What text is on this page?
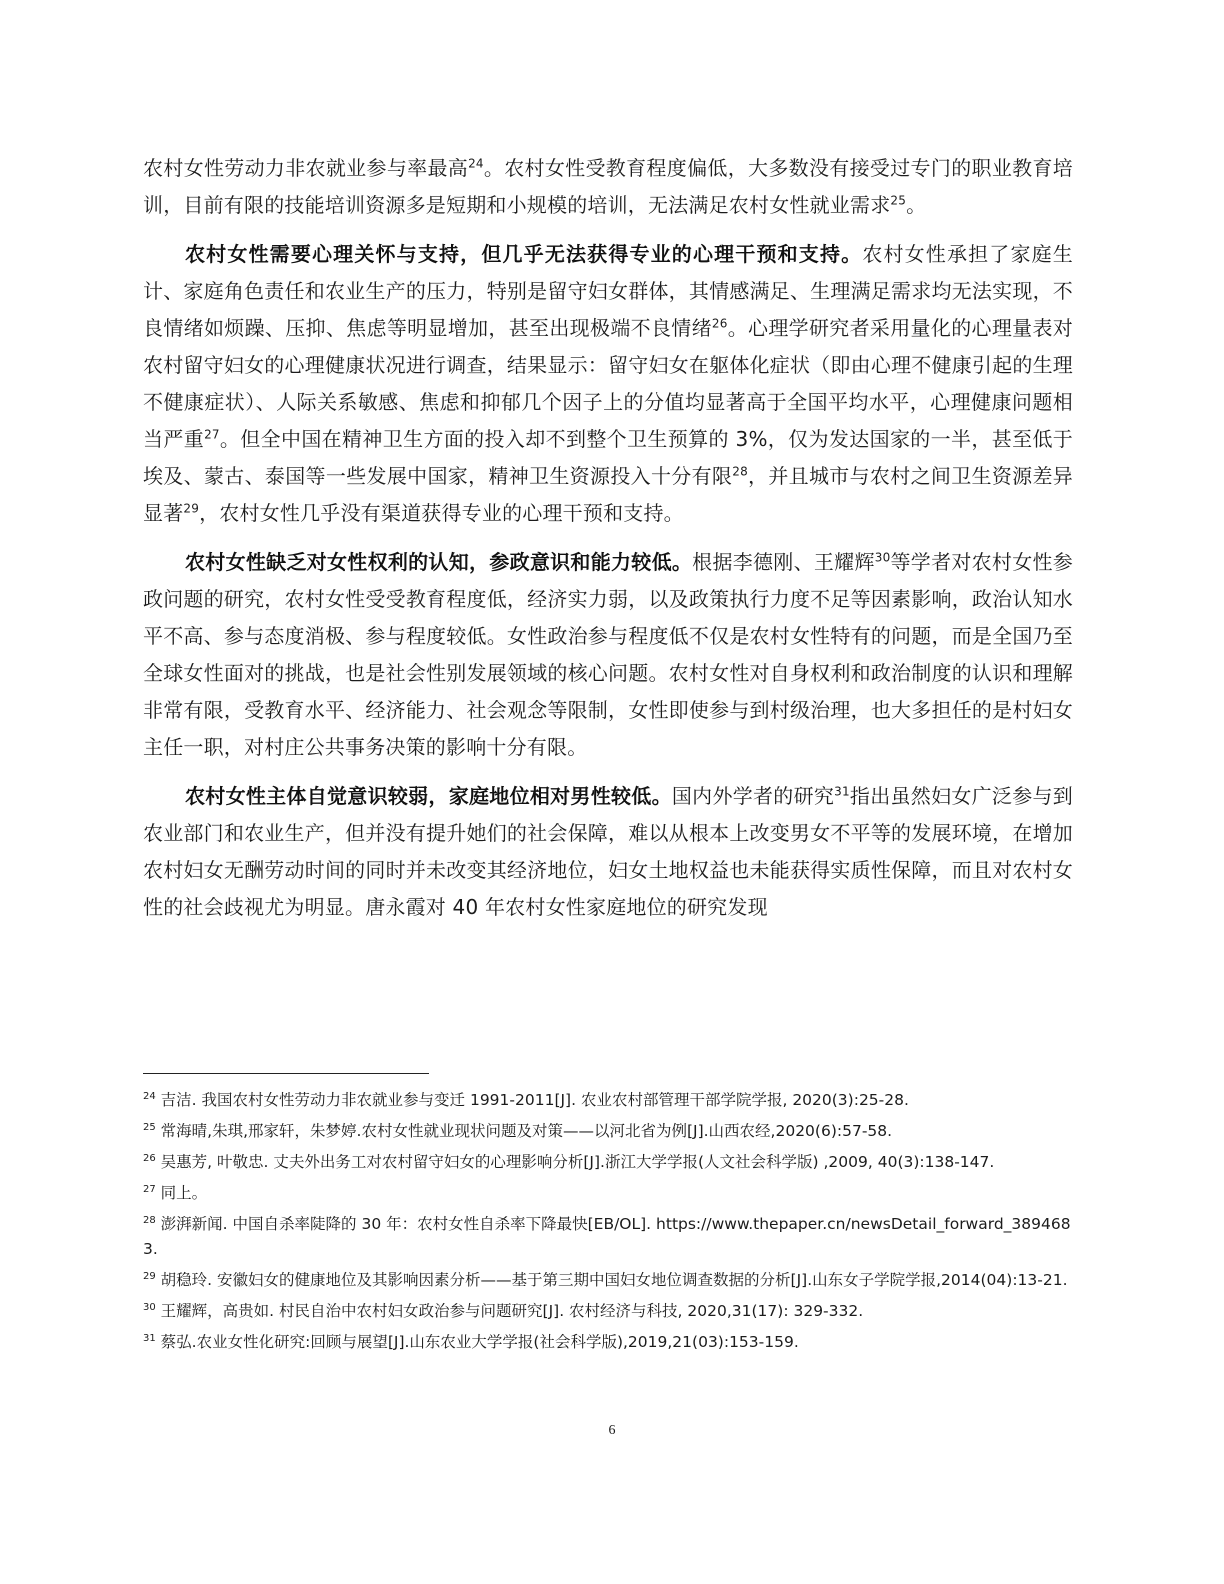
农村女性劳动力非农就业参与率最高$^{24}$。农村女性受教育程度偏低，大多数没有接受过专门的职业教育培训，目前有限的技能培训资源多是短期和小规模的培训，无法满足农村女性就业需求$^{25}$。

农村女性需要心理关怀与支持，但几乎无法获得专业的心理干预和支持。农村女性承担了家庭生计、家庭角色责任和农业生产的压力，特别是留守妇女群体，其情感满足、生理满足需求均无法实现，不良情绪如烦躁、压抑、焦虑等明显增加，甚至出现极端不良情绪$^{26}$。心理学研究者采用量化的心理量表对农村留守妇女的心理健康状况进行调查，结果显示：留守妇女在躯体化症状（即由心理不健康引起的生理不健康症状）、人际关系敏感、焦虑和抑郁几个因子上的分值均显著高于全国平均水平，心理健康问题相当严重$^{27}$。但全中国在精神卫生方面的投入却不到整个卫生预算的 3%，仅为发达国家的一半，甚至低于埃及、蒙古、泰国等一些发展中国家，精神卫生资源投入十分有限$^{28}$，并且城市与农村之间卫生资源差异显著$^{29}$，农村女性几乎没有渠道获得专业的心理干预和支持。

农村女性缺乏对女性权利的认知，参政意识和能力较低。根据李德刚、王耀辉$^{30}$等学者对农村女性参政问题的研究，农村女性受受教育程度低，经济实力弱，以及政策执行力度不足等因素影响，政治认知水平不高、参与态度消极、参与程度较低。女性政治参与程度低不仅是农村女性特有的问题，而是全国乃至全球女性面对的挑战，也是社会性别发展领域的核心问题。农村女性对自身权利和政治制度的认识和理解非常有限，受教育水平、经济能力、社会观念等限制，女性即使参与到村级治理，也大多担任的是村妇女主任一职，对村庄公共事务决策的影响十分有限。

农村女性主体自觉意识较弱，家庭地位相对男性较低。国内外学者的研究$^{31}$指出虽然妇女广泛参与到农业部门和农业生产，但并没有提升她们的社会保障，难以从根本上改变男女不平等的发展环境，在增加农村妇女无酬劳动时间的同时并未改变其经济地位，妇女土地权益也未能获得实质性保障，而且对农村女性的社会歧视尤为明显。唐永霞对 40 年农村女性家庭地位的研究发现

$^{24}$ 吉洁. 我国农村女性劳动力非农就业参与变迁 1991-2011[J]. 农业农村部管理干部学院学报, 2020(3):25-28.

$^{25}$ 常海晴,朱琪,邢家轩，朱梦婷.农村女性就业现状问题及对策——以河北省为例[J].山西农经,2020(6):57-58.

$^{26}$ 吴惠芳, 叶敬忠. 丈夫外出务工对农村留守妇女的心理影响分析[J].浙江大学学报(人文社会科学版) ,2009, 40(3):138-147.

$^{27}$ 同上。

$^{28}$ 澎湃新闻. 中国自杀率陡降的 30 年：农村女性自杀率下降最快[EB/OL]. https://www.thepaper.cn/newsDetail_forward_3894683.

$^{29}$ 胡稳玲. 安徽妇女的健康地位及其影响因素分析——基于第三期中国妇女地位调查数据的分析[J].山东女子学院学报,2014(04):13-21.

$^{30}$ 王耀辉，高贵如. 村民自治中农村妇女政治参与问题研究[J]. 农村经济与科技, 2020,31(17): 329-332.

$^{31}$ 蔡弘.农业女性化研究:回顾与展望[J].山东农业大学学报(社会科学版),2019,21(03):153-159.

6
